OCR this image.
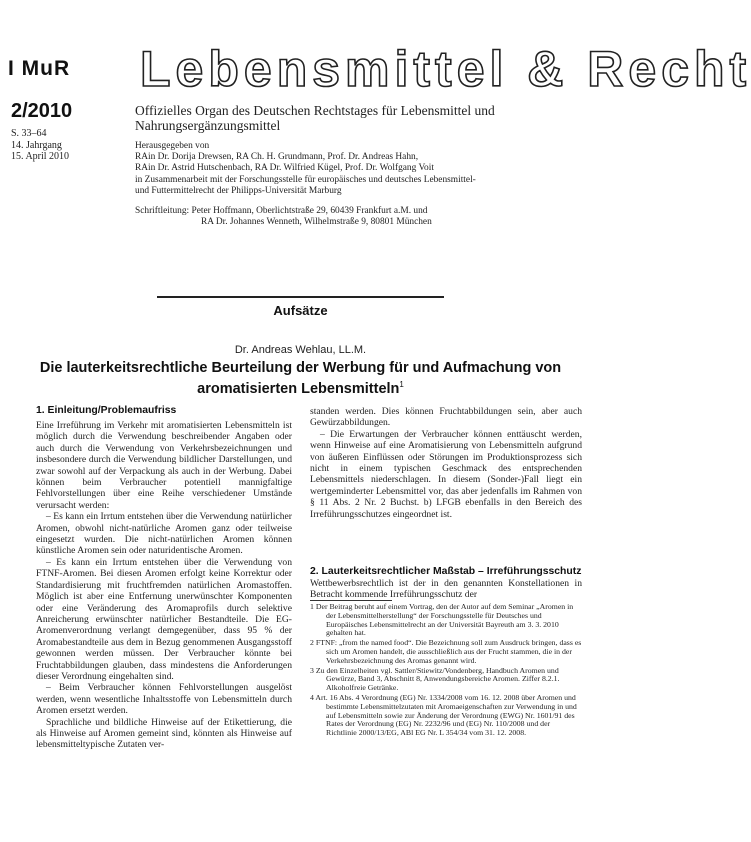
I MuR Lebensmittel & Recht
2/2010
S. 33–64
14. Jahrgang
15. April 2010
Offizielles Organ des Deutschen Rechtstages für Lebensmittel und Nahrungsergänzungsmittel
Herausgegeben von
RAin Dr. Dorija Drewsen, RA Ch. H. Grundmann, Prof. Dr. Andreas Hahn,
RAin Dr. Astrid Hutschenbach, RA Dr. Wilfried Kügel, Prof. Dr. Wolfgang Voit
in Zusammenarbeit mit der Forschungsstelle für europäisches und deutsches Lebensmittel-
und Futtermittelrecht der Philipps-Universität Marburg
Schriftleitung: Peter Hoffmann, Oberlichtstraße 29, 60439 Frankfurt a.M. und
RA Dr. Johannes Wenneth, Wilhelmstraße 9, 80801 München
Aufsätze
Dr. Andreas Wehlau, LL.M.
Die lauterkeitsrechtliche Beurteilung der Werbung für und Aufmachung von aromatisierten Lebensmitteln$^1$
1. Einleitung/Problemaufriss

Eine Irreführung im Verkehr mit aromatisierten Lebensmitteln ist möglich durch die Verwendung beschreibender Angaben oder auch durch die Verwendung von Verkehrsbezeichnungen und insbesondere durch die Verwendung bildlicher Darstellungen, und zwar sowohl auf der Verpackung als auch in der Werbung. Dabei können beim Verbraucher potentiell mannigfaltige Fehlvorstellungen über eine Reihe verschiedener Umstände verursacht werden:

– Es kann ein Irrtum entstehen über die Verwendung natürlicher Aromen, obwohl nicht-natürliche Aromen ganz oder teilweise eingesetzt wurden. Die nicht-natürlichen Aromen können künstliche Aromen sein oder naturidentische Aromen.

– Es kann ein Irrtum entstehen über die Verwendung von FTNF-Aromen. Bei diesen Aromen erfolgt keine Korrektur oder Standardisierung mit fruchtfremden natürlichen Aromastoffen. Möglich ist aber eine Entfernung unerwünschter Komponenten oder eine Veränderung des Aromaprofils durch selektive Anreicherung erwünschter natürlicher Bestandteile. Die EG-Aromenverordnung verlangt demgegenüber, dass 95 % der Aromabestandteile aus dem in Bezug genommenen Ausgangsstoff gewonnen werden müssen. Der Verbraucher könnte bei Fruchtabbildungen glauben, dass mindestens die Anforderungen dieser Verordnung eingehalten sind.

– Beim Verbraucher können Fehlvorstellungen ausgelöst werden, wenn wesentliche Inhaltsstoffe von Lebensmitteln durch Aromen ersetzt werden.

Sprachliche und bildliche Hinweise auf der Etikettierung, die als Hinweise auf Aromen gemeint sind, könnten als Hinweise auf lebensmitteltypische Zutaten ver-

standen werden. Dies können Fruchtabbildungen sein, aber auch Gewürzabbildungen.

– Die Erwartungen der Verbraucher können enttäuscht werden, wenn Hinweise auf eine Aromatisierung von Lebensmitteln aufgrund von äußeren Einflüssen oder Störungen im Produktionsprozess sich nicht in einem typischen Geschmack des entsprechenden Lebensmittels niederschlagen. In diesem (Sonder-)Fall liegt ein wertgeminderter Lebensmittel vor, das aber jedenfalls im Rahmen von § 11 Abs. 2 Nr. 2 Buchst. b) LFGB ebenfalls in den Bereich des Irreführungsschutzes eingeordnet ist.

2. Lauterkeitsrechtlicher Maßstab – Irreführungsschutz

Wettbewerbsrechtlich ist der in den genannten Konstellationen in Betracht kommende Irreführungsschutz der

1 Der Beitrag beruht auf einem Vortrag, den der Autor auf dem Seminar „Aromen in der Lebensmittelherstellung“ der Forschungsstelle für Deutsches und Europäisches Lebensmittelrecht an der Universität Bayreuth am 3. 3. 2010 gehalten hat.
2 FTNF: „from the named food“. Die Bezeichnung soll zum Ausdruck bringen, dass es sich um Aromen handelt, die ausschließlich aus der Frucht stammen, die in der Verkehrsbezeichnung des Aromas genannt wird.
3 Zu den Einzelheiten vgl. Sattler/Stiewitz/Vondenberg, Handbuch Aromen und Gewürze, Band 3, Abschnitt 8, Anwendungsbereiche Aromen. Ziffer 8.2.1. Alkoholfreie Getränke.
4 Art. 16 Abs. 4 Verordnung (EG) Nr. 1334/2008 vom 16. 12. 2008 über Aromen und bestimmte Lebensmittelzutaten mit Aromaeigenschaften zur Verwendung in und auf Lebensmitteln sowie zur Änderung der Verordnung (EWG) Nr. 1601/91 des Rates der Verordnung (EG) Nr. 2232/96 und (EG) Nr. 110/2008 und der Richtlinie 2000/13/EG, ABl EG Nr. L 354/34 vom 31. 12. 2008.
